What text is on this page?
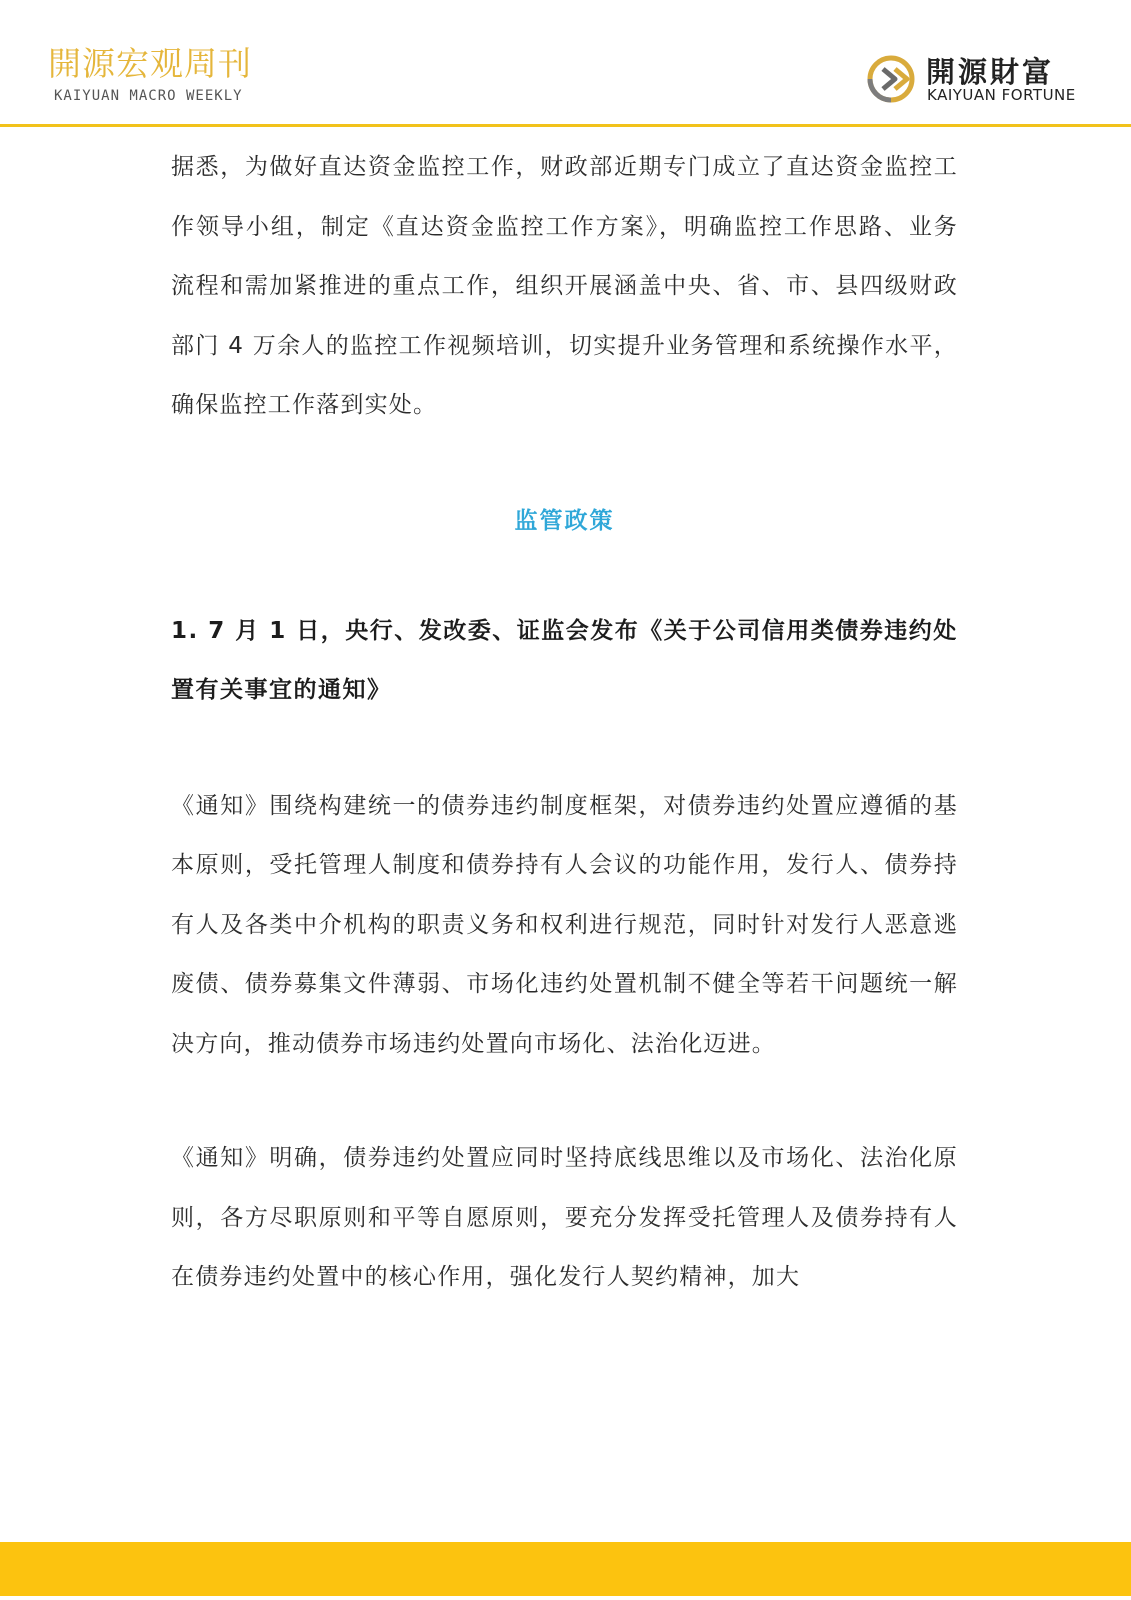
開源宏观周刊
KAIYUAN MACRO WEEKLY
開源財富
KAIYUAN FORTUNE

据悉，为做好直达资金监控工作，财政部近期专门成立了直达资金监控工作领导小组，制定《直达资金监控工作方案》，明确监控工作思路、业务流程和需加紧推进的重点工作，组织开展涵盖中央、省、市、县四级财政部门 4 万余人的监控工作视频培训，切实提升业务管理和系统操作水平，确保监控工作落到实处。

监管政策

1. 7 月 1 日，央行、发改委、证监会发布《关于公司信用类债券违约处置有关事宜的通知》

《通知》围绕构建统一的债券违约制度框架，对债券违约处置应遵循的基本原则，受托管理人制度和债券持有人会议的功能作用，发行人、债券持有人及各类中介机构的职责义务和权利进行规范，同时针对发行人恶意逃废债、债券募集文件薄弱、市场化违约处置机制不健全等若干问题统一解决方向，推动债券市场违约处置向市场化、法治化迈进。

《通知》明确，债券违约处置应同时坚持底线思维以及市场化、法治化原则，各方尽职原则和平等自愿原则，要充分发挥受托管理人及债券持有人在债券违约处置中的核心作用，强化发行人契约精神，加大
